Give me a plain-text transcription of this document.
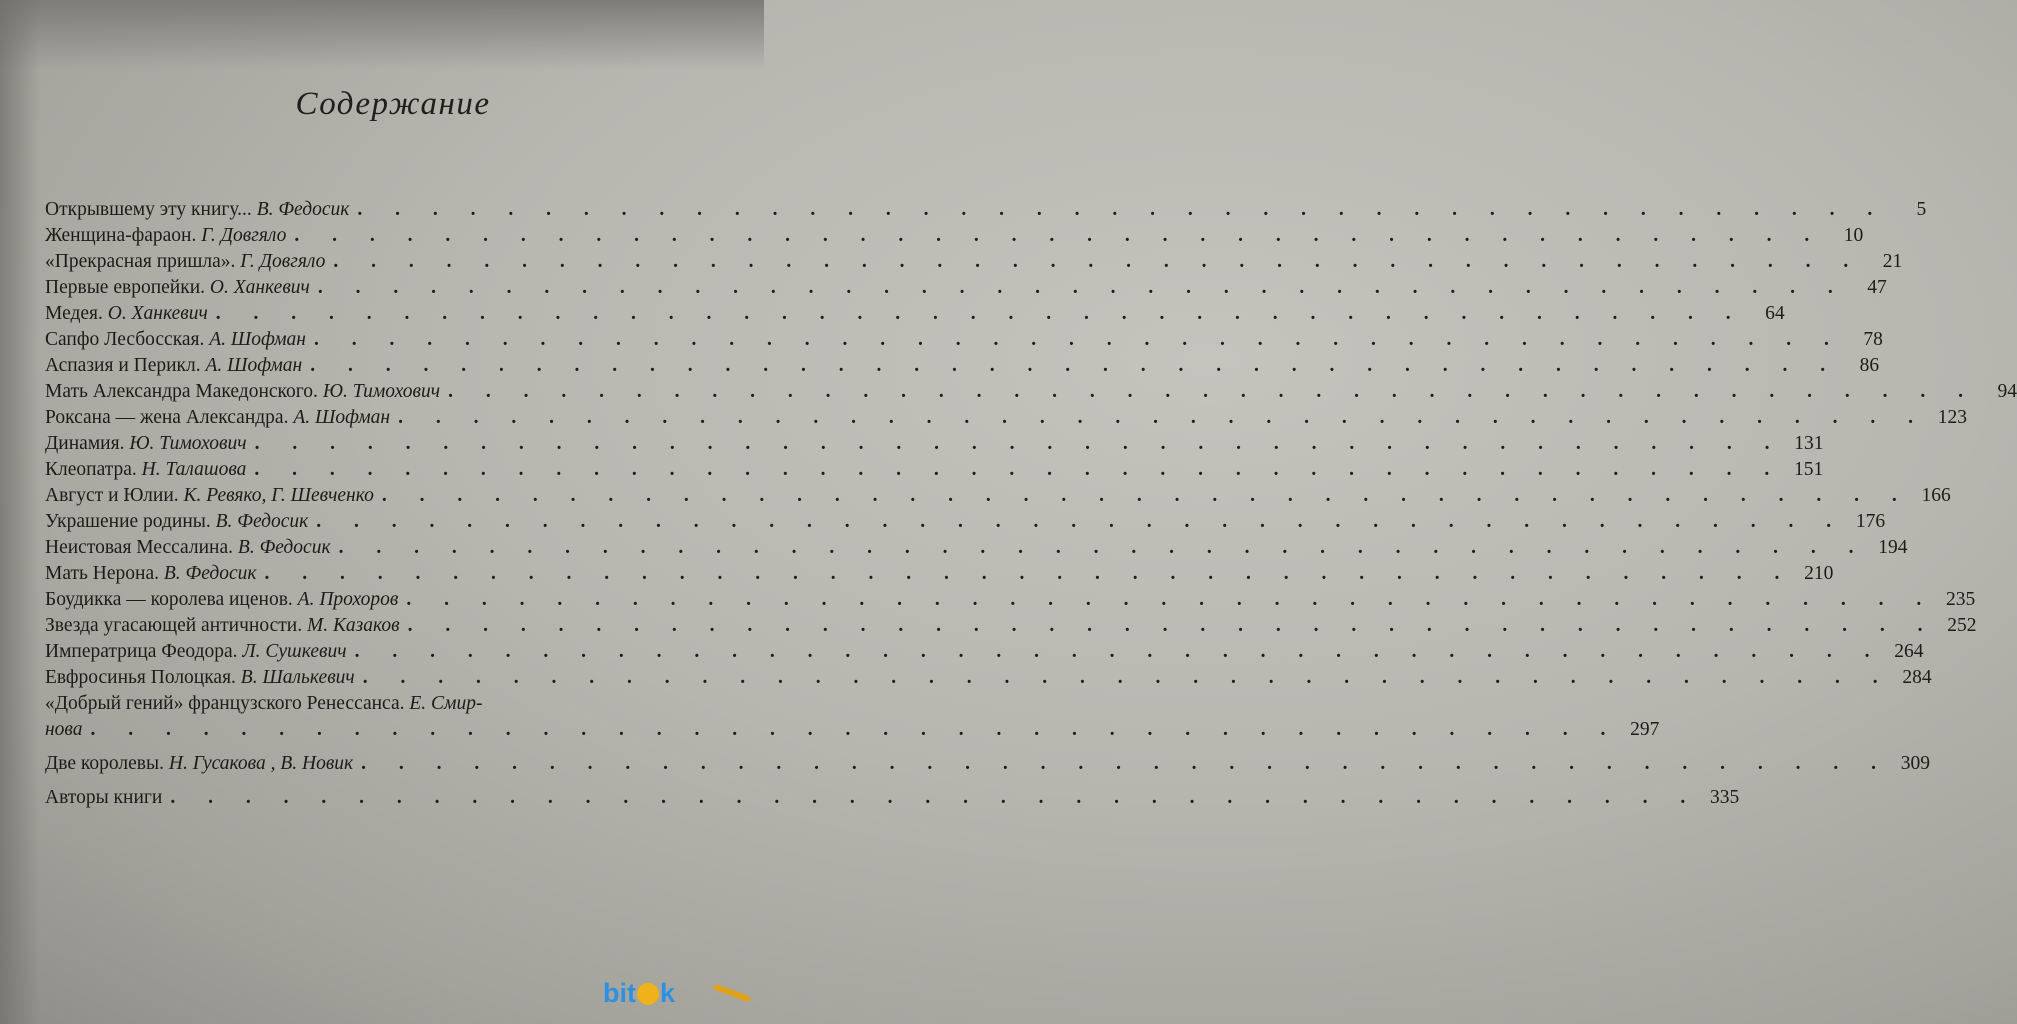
Содержание
Открывшему эту книгу... В. Федосик . . . . . . . . . . . . . . . . . . . . . . . . . . . . . . . . . . . . . . . . .	5
Женщина-фараон. Г. Довгяло . . . . . . . . . . . . . . . . . . . . . . . . . . . . . . . . . . . . . . . . .	10
«Прекрасная пришла». Г. Довгяло . . . . . . . . . . . . . . . . . . . . . . . . . . . . . . . . . . . . . . . . .	21
Первые европейки. О. Ханкевич . . . . . . . . . . . . . . . . . . . . . . . . . . . . . . . . . . . . . . . . .	47
Медея. О. Ханкевич . . . . . . . . . . . . . . . . . . . . . . . . . . . . . . . . . . . . . . . . .	64
Сапфо Лесбосская. А. Шофман . . . . . . . . . . . . . . . . . . . . . . . . . . . . . . . . . . . . . . . . .	78
Аспазия и Перикл. А. Шофман . . . . . . . . . . . . . . . . . . . . . . . . . . . . . . . . . . . . . . . . .	86
Мать Александра Македонского. Ю. Тимохович . . . . . . . . . . . . . . . . . . . . . . . . . . . . . . . . . . . . . . . . .	94
Роксана — жена Александра. А. Шофман . . . . . . . . . . . . . . . . . . . . . . . . . . . . . . . . . . . . . . . . . 123
Динамия. Ю. Тимохович . . . . . . . . . . . . . . . . . . . . . . . . . . . . . . . . . . . . . . . . . 131
Клеопатра. Н. Талашова . . . . . . . . . . . . . . . . . . . . . . . . . . . . . . . . . . . . . . . . . 151
Август и Юлии. К. Ревяко, Г. Шевченко . . . . . . . . . . . . . . . . . . . . . . . . . . . . . . . . . . . . . . . . . 166
Украшение родины. В. Федосик . . . . . . . . . . . . . . . . . . . . . . . . . . . . . . . . . . . . . . . . . 176
Неистовая Мессалина. В. Федосик . . . . . . . . . . . . . . . . . . . . . . . . . . . . . . . . . . . . . . . . . 194
Мать Нерона. В. Федосик . . . . . . . . . . . . . . . . . . . . . . . . . . . . . . . . . . . . . . . . . 210
Боудикка — королева иценов. А. Прохоров . . . . . . . . . . . . . . . . . . . . . . . . . . . . . . . . . . . . . . . . . 235
Звезда угасающей античности. М. Казаков . . . . . . . . . . . . . . . . . . . . . . . . . . . . . . . . . . . . . . . . . 252
Императрица Феодора. Л. Сушкевич . . . . . . . . . . . . . . . . . . . . . . . . . . . . . . . . . . . . . . . . . 264
Евфросинья Полоцкая. В. Шалькевич . . . . . . . . . . . . . . . . . . . . . . . . . . . . . . . . . . . . . . . . . 284
«Добрый гений» французского Ренессанса. Е. Смир-
нова . . . . . . . . . . . . . . . . . . . . . . . . . . . . . . . . . . . . . . . . . 297
Две королевы. Н. Гусакова , В. Новик . . . . . . . . . . . . . . . . . . . . . . . . . . . . . . . . . . . . . . . . . 309
Авторы книги . . . . . . . . . . . . . . . . . . . . . . . . . . . . . . . . . . . . . . . . . 335
bit k
